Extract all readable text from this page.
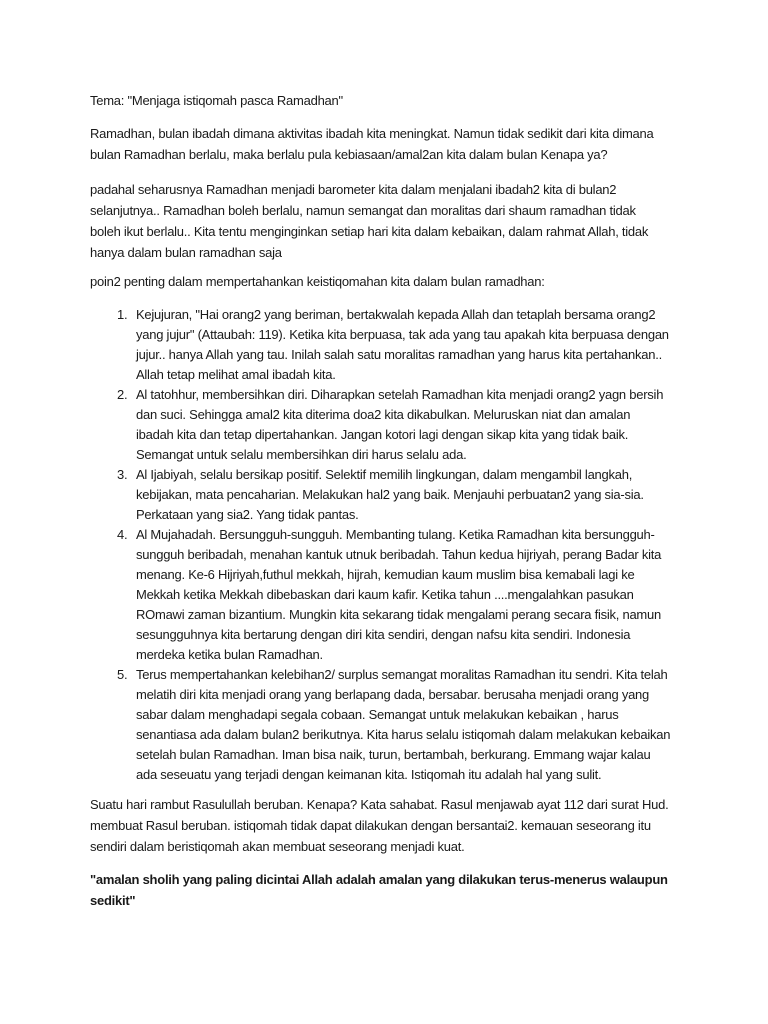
Tema: "Menjaga istiqomah pasca Ramadhan"
Ramadhan, bulan ibadah dimana aktivitas ibadah kita meningkat. Namun tidak sedikit dari kita dimana
bulan Ramadhan berlalu, maka berlalu pula kebiasaan/amal2an kita dalam bulan Kenapa ya?
padahal seharusnya Ramadhan menjadi barometer kita dalam menjalani ibadah2 kita di bulan2
selanjutnya.. Ramadhan boleh berlalu, namun semangat dan moralitas dari shaum ramadhan tidak
boleh ikut berlalu.. Kita tentu menginginkan setiap hari kita dalam kebaikan, dalam rahmat Allah, tidak
hanya dalam bulan ramadhan saja
poin2 penting dalam mempertahankan keistiqomahan kita dalam bulan ramadhan:
1. Kejujuran, "Hai orang2 yang beriman, bertakwalah kepada Allah dan tetaplah bersama orang2
yang jujur" (Attaubah: 119). Ketika kita berpuasa, tak ada yang tau apakah kita berpuasa dengan
jujur.. hanya Allah yang tau. Inilah salah satu moralitas ramadhan yang harus kita pertahankan..
Allah tetap melihat amal ibadah kita.
2. Al tatohhur, membersihkan diri. Diharapkan setelah Ramadhan kita menjadi orang2 yagn bersih
dan suci. Sehingga amal2 kita diterima doa2 kita dikabulkan. Meluruskan niat dan amalan
ibadah kita dan tetap dipertahankan. Jangan kotori lagi dengan sikap kita yang tidak baik.
Semangat untuk selalu membersihkan diri harus selalu ada.
3. Al Ijabiyah, selalu bersikap positif. Selektif memilih lingkungan, dalam mengambil langkah,
kebijakan, mata pencaharian. Melakukan hal2 yang baik. Menjauhi perbuatan2 yang sia-sia.
Perkataan yang sia2. Yang tidak pantas.
4. Al Mujahadah. Bersungguh-sungguh. Membanting tulang. Ketika Ramadhan kita bersungguh-
sungguh beribadah, menahan kantuk utnuk beribadah. Tahun kedua hijriyah, perang Badar kita
menang. Ke-6 Hijriyah,futhul mekkah, hijrah, kemudian kaum muslim bisa kemabali lagi ke
Mekkah ketika Mekkah dibebaskan dari kaum kafir. Ketika tahun ....mengalahkan pasukan
ROmawi zaman bizantium. Mungkin kita sekarang tidak mengalami perang secara fisik, namun
sesungguhnya kita bertarung dengan diri kita sendiri, dengan nafsu kita sendiri. Indonesia
merdeka ketika bulan Ramadhan.
5. Terus mempertahankan kelebihan2/ surplus semangat moralitas Ramadhan itu sendri. Kita telah
melatih diri kita menjadi orang yang berlapang dada, bersabar. berusaha menjadi orang yang
sabar dalam menghadapi segala cobaan. Semangat untuk melakukan kebaikan , harus
senantiasa ada dalam bulan2 berikutnya. Kita harus selalu istiqomah dalam melakukan kebaikan
setelah bulan Ramadhan. Iman bisa naik, turun, bertambah, berkurang. Emmang wajar kalau
ada seseuatu yang terjadi dengan keimanan kita. Istiqomah itu adalah hal yang sulit.
Suatu hari rambut Rasulullah beruban. Kenapa? Kata sahabat. Rasul menjawab ayat 112 dari surat Hud.
membuat Rasul beruban. istiqomah tidak dapat dilakukan dengan bersantai2. kemauan seseorang itu
sendiri dalam beristiqomah akan membuat seseorang menjadi kuat.
"amalan sholih yang paling dicintai Allah adalah amalan yang dilakukan terus-menerus walaupun
sedikit"
